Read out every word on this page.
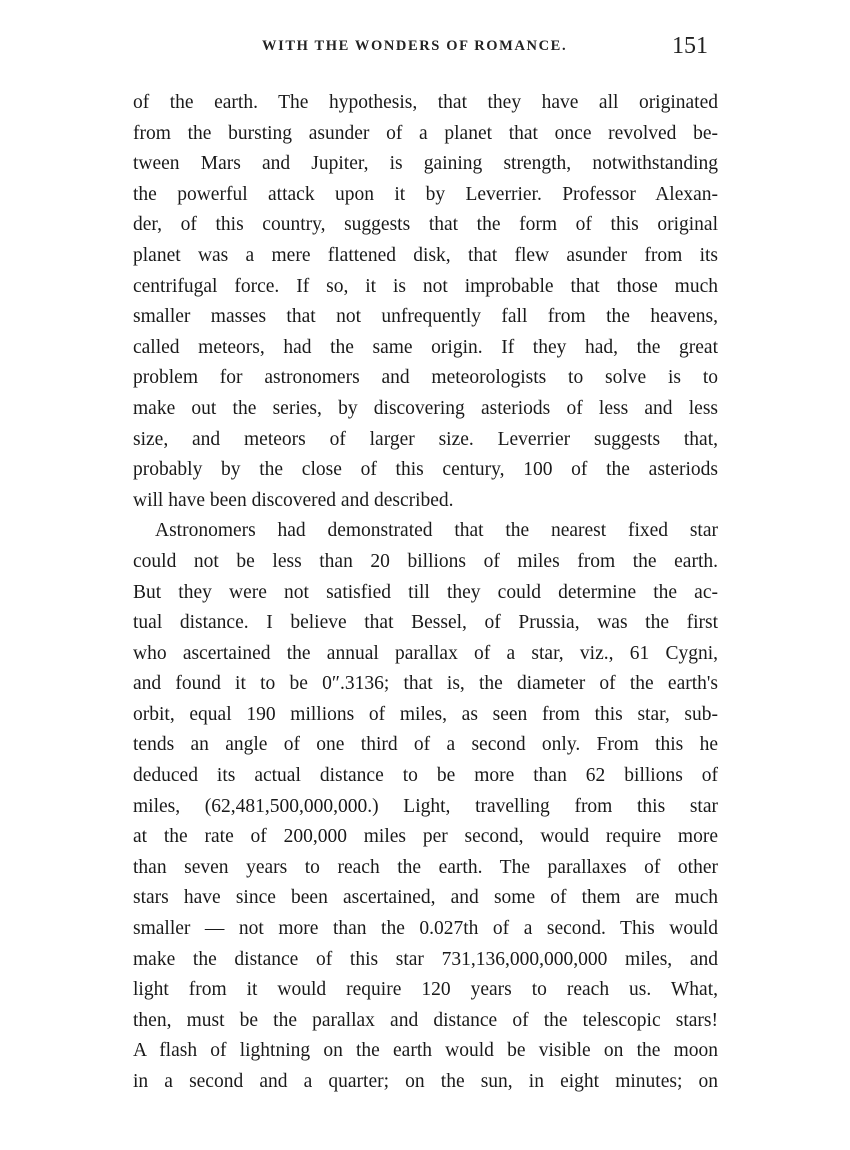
WITH THE WONDERS OF ROMANCE.	151
of the earth. The hypothesis, that they have all originated
from the bursting asunder of a planet that once revolved be-
tween Mars and Jupiter, is gaining strength, notwithstanding
the powerful attack upon it by Leverrier. Professor Alexan-
der, of this country, suggests that the form of this original
planet was a mere flattened disk, that flew asunder from its
centrifugal force. If so, it is not improbable that those much
smaller masses that not unfrequently fall from the heavens,
called meteors, had the same origin. If they had, the great
problem for astronomers and meteorologists to solve is to
make out the series, by discovering asteriods of less and less
size, and meteors of larger size. Leverrier suggests that,
probably by the close of this century, 100 of the asteriods
will have been discovered and described.
Astronomers had demonstrated that the nearest fixed star
could not be less than 20 billions of miles from the earth.
But they were not satisfied till they could determine the ac-
tual distance. I believe that Bessel, of Prussia, was the first
who ascertained the annual parallax of a star, viz., 61 Cygni,
and found it to be 0″.3136; that is, the diameter of the earth's
orbit, equal 190 millions of miles, as seen from this star, sub-
tends an angle of one third of a second only. From this he
deduced its actual distance to be more than 62 billions of
miles, (62,481,500,000,000.) Light, travelling from this star
at the rate of 200,000 miles per second, would require more
than seven years to reach the earth. The parallaxes of other
stars have since been ascertained, and some of them are much
smaller — not more than the 0.027th of a second. This would
make the distance of this star 731,136,000,000,000 miles, and
light from it would require 120 years to reach us. What,
then, must be the parallax and distance of the telescopic stars!
A flash of lightning on the earth would be visible on the moon
in a second and a quarter; on the sun, in eight minutes; on
